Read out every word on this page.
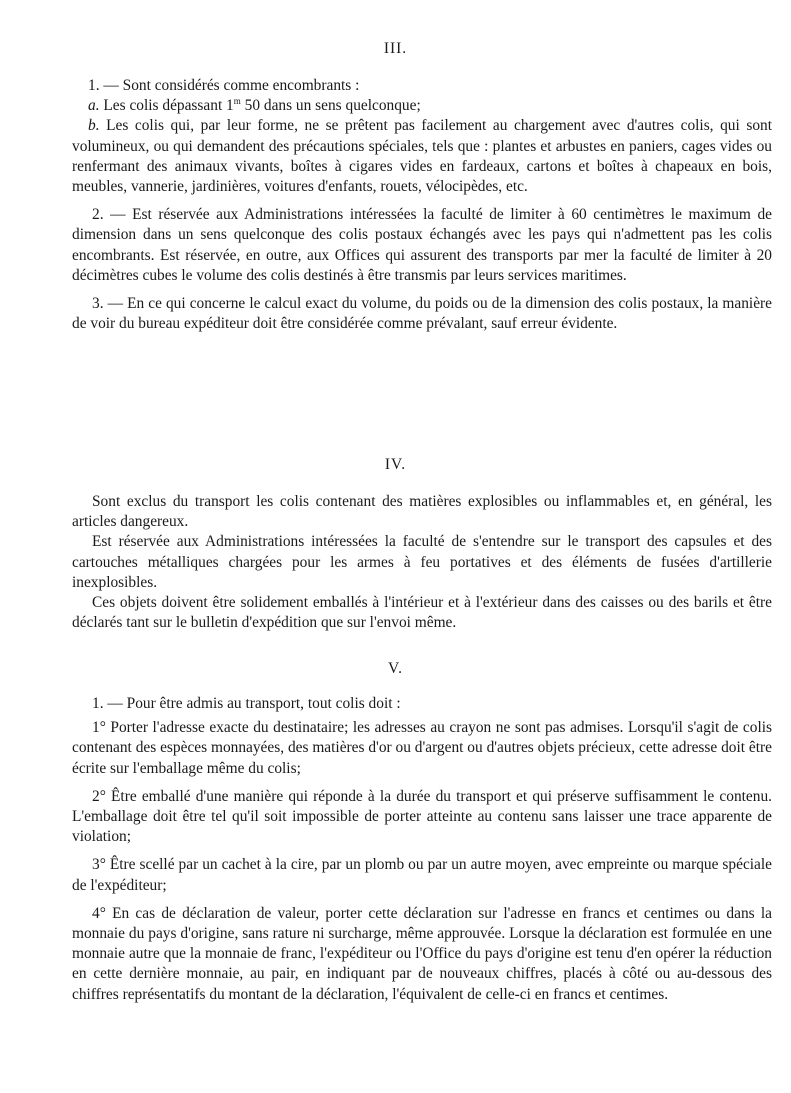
III.

1. — Sont considérés comme encombrants :

a. Les colis dépassant 1$^m$ 50 dans un sens quelconque;

b. Les colis qui, par leur forme, ne se prêtent pas facilement au chargement avec d'autres colis, qui sont volumineux, ou qui demandent des précautions spéciales, tels que : plantes et arbustes en paniers, cages vides ou renfermant des animaux vivants, boîtes à cigares vides en fardeaux, cartons et boîtes à chapeaux en bois, meubles, vannerie, jardinières, voitures d'enfants, rouets, vélocipèdes, etc.

2. — Est réservée aux Administrations intéressées la faculté de limiter à 60 centimètres le maximum de dimension dans un sens quelconque des colis postaux échangés avec les pays qui n'admettent pas les colis encombrants. Est réservée, en outre, aux Offices qui assurent des transports par mer la faculté de limiter à 20 décimètres cubes le volume des colis destinés à être transmis par leurs services maritimes.

3. — En ce qui concerne le calcul exact du volume, du poids ou de la dimension des colis postaux, la manière de voir du bureau expéditeur doit être considérée comme prévalant, sauf erreur évidente.

IV.

Sont exclus du transport les colis contenant des matières explosibles ou inflammables et, en général, les articles dangereux.

Est réservée aux Administrations intéressées la faculté de s'entendre sur le transport des capsules et des cartouches métalliques chargées pour les armes à feu portatives et des éléments de fusées d'artillerie inexplosibles.

Ces objets doivent être solidement emballés à l'intérieur et à l'extérieur dans des caisses ou des barils et être déclarés tant sur le bulletin d'expédition que sur l'envoi même.

V.

1. — Pour être admis au transport, tout colis doit :

1° Porter l'adresse exacte du destinataire; les adresses au crayon ne sont pas admises. Lorsqu'il s'agit de colis contenant des espèces monnayées, des matières d'or ou d'argent ou d'autres objets précieux, cette adresse doit être écrite sur l'emballage même du colis;

2° Être emballé d'une manière qui réponde à la durée du transport et qui préserve suffisamment le contenu. L'emballage doit être tel qu'il soit impossible de porter atteinte au contenu sans laisser une trace apparente de violation;

3° Être scellé par un cachet à la cire, par un plomb ou par un autre moyen, avec empreinte ou marque spéciale de l'expéditeur;

4° En cas de déclaration de valeur, porter cette déclaration sur l'adresse en francs et centimes ou dans la monnaie du pays d'origine, sans rature ni surcharge, même approuvée. Lorsque la déclaration est formulée en une monnaie autre que la monnaie de franc, l'expéditeur ou l'Office du pays d'origine est tenu d'en opérer la réduction en cette dernière monnaie, au pair, en indiquant par de nouveaux chiffres, placés à côté ou au-dessous des chiffres représentatifs du montant de la déclaration, l'équivalent de celle-ci en francs et centimes.
